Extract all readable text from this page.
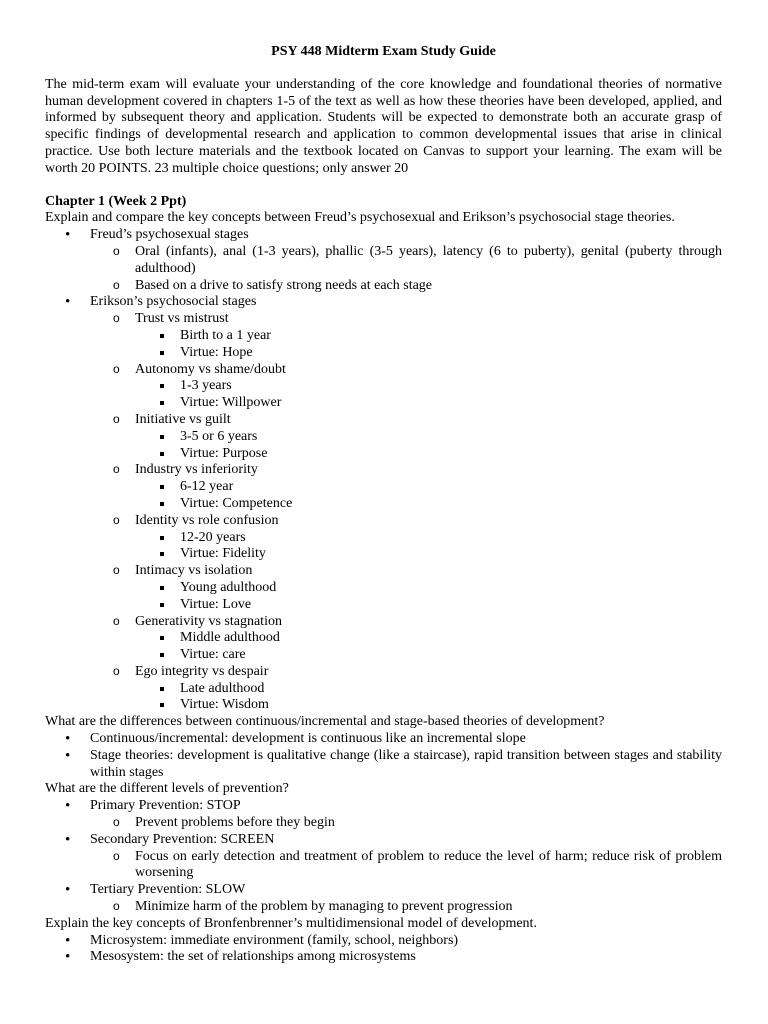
PSY 448 Midterm Exam Study Guide

The mid-term exam will evaluate your understanding of the core knowledge and foundational theories of normative human development covered in chapters 1-5 of the text as well as how these theories have been developed, applied, and informed by subsequent theory and application. Students will be expected to demonstrate both an accurate grasp of specific findings of developmental research and application to common developmental issues that arise in clinical practice. Use both lecture materials and the textbook located on Canvas to support your learning. The exam will be worth 20 POINTS. 23 multiple choice questions; only answer 20

Chapter 1 (Week 2 Ppt)

Explain and compare the key concepts between Freud’s psychosexual and Erikson’s psychosocial stage theories.

• Freud’s psychosexual stages
o Oral (infants), anal (1-3 years), phallic (3-5 years), latency (6 to puberty), genital (puberty through adulthood)
o Based on a drive to satisfy strong needs at each stage
• Erikson’s psychosocial stages
o Trust vs mistrust
Birth to a 1 year
Virtue: Hope
o Autonomy vs shame/doubt
1-3 years
Virtue: Willpower
o Initiative vs guilt
3-5 or 6 years
Virtue: Purpose
o Industry vs inferiority
6-12 year
Virtue: Competence
o Identity vs role confusion
12-20 years
Virtue: Fidelity
o Intimacy vs isolation
Young adulthood
Virtue: Love
o Generativity vs stagnation
Middle adulthood
Virtue: care
o Ego integrity vs despair
Late adulthood
Virtue: Wisdom

What are the differences between continuous/incremental and stage-based theories of development?

• Continuous/incremental: development is continuous like an incremental slope
• Stage theories: development is qualitative change (like a staircase), rapid transition between stages and stability within stages

What are the different levels of prevention?

• Primary Prevention: STOP
o Prevent problems before they begin
• Secondary Prevention: SCREEN
o Focus on early detection and treatment of problem to reduce the level of harm; reduce risk of problem worsening
• Tertiary Prevention: SLOW
o Minimize harm of the problem by managing to prevent progression

Explain the key concepts of Bronfenbrenner’s multidimensional model of development.

• Microsystem: immediate environment (family, school, neighbors)
• Mesosystem: the set of relationships among microsystems
